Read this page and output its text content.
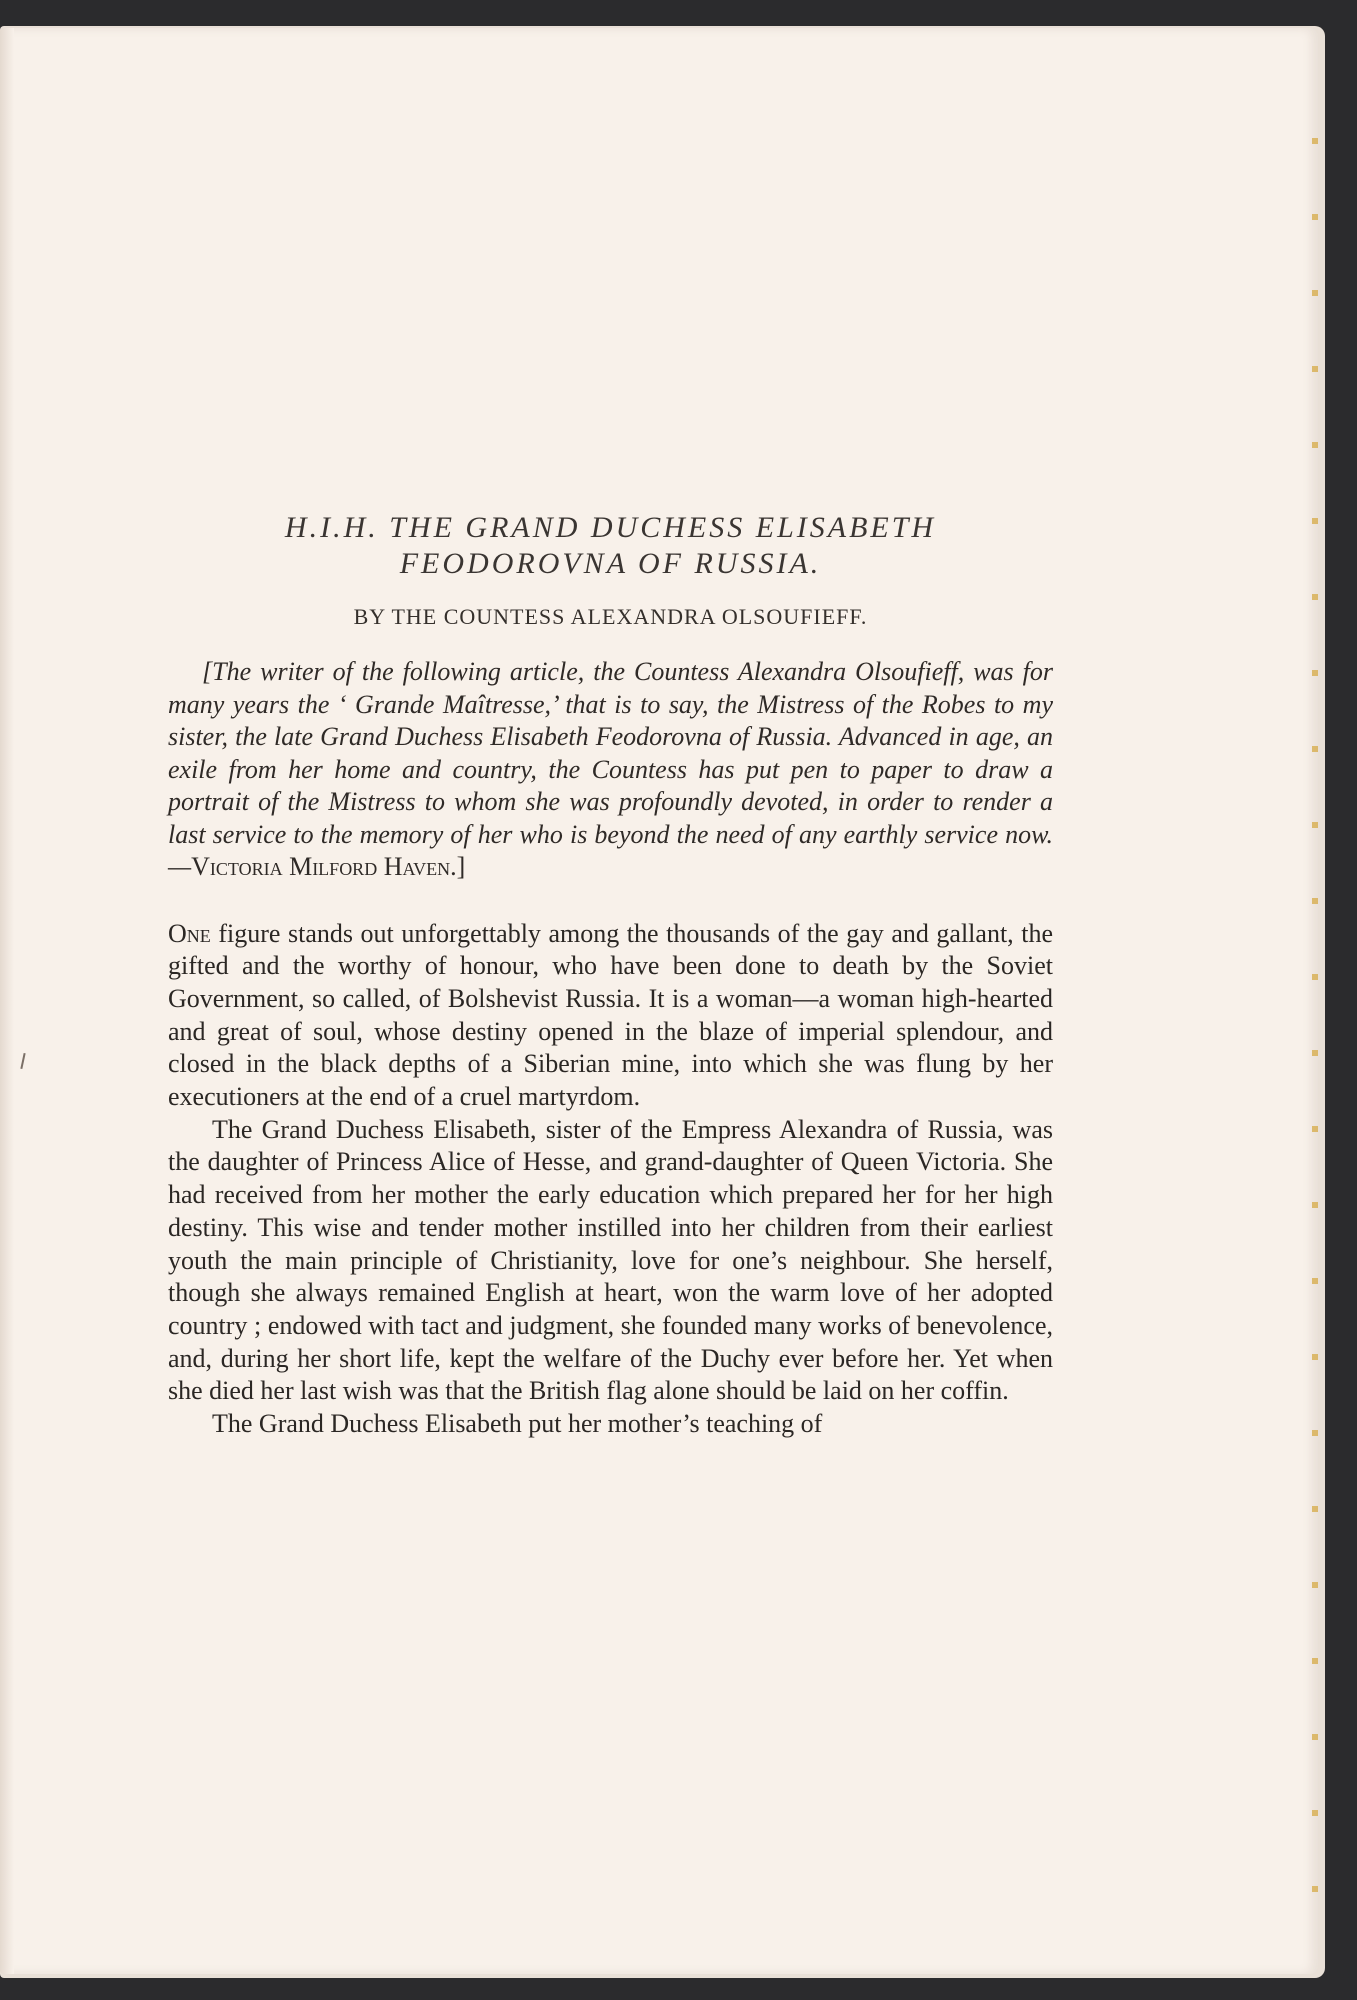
H.I.H. THE GRAND DUCHESS ELISABETH
FEODOROVNA OF RUSSIA.

BY THE COUNTESS ALEXANDRA OLSOUFIEFF.

[The writer of the following article, the Countess Alexandra Olsoufieff, was for many years the ‘ Grande Maîtresse,’ that is to say, the Mistress of the Robes to my sister, the late Grand Duchess Elisabeth Feodorovna of Russia. Advanced in age, an exile from her home and country, the Countess has put pen to paper to draw a portrait of the Mistress to whom she was profoundly devoted, in order to render a last service to the memory of her who is beyond the need of any earthly service now.—Victoria Milford Haven.]

One figure stands out unforgettably among the thousands of the gay and gallant, the gifted and the worthy of honour, who have been done to death by the Soviet Government, so called, of Bolshevist Russia. It is a woman—a woman high-hearted and great of soul, whose destiny opened in the blaze of imperial splendour, and closed in the black depths of a Siberian mine, into which she was flung by her executioners at the end of a cruel martyrdom.

The Grand Duchess Elisabeth, sister of the Empress Alexandra of Russia, was the daughter of Princess Alice of Hesse, and grand-daughter of Queen Victoria. She had received from her mother the early education which prepared her for her high destiny. This wise and tender mother instilled into her children from their earliest youth the main principle of Christianity, love for one’s neighbour. She herself, though she always remained English at heart, won the warm love of her adopted country ; endowed with tact and judgment, she founded many works of benevolence, and, during her short life, kept the welfare of the Duchy ever before her. Yet when she died her last wish was that the British flag alone should be laid on her coffin.

The Grand Duchess Elisabeth put her mother’s teaching of
